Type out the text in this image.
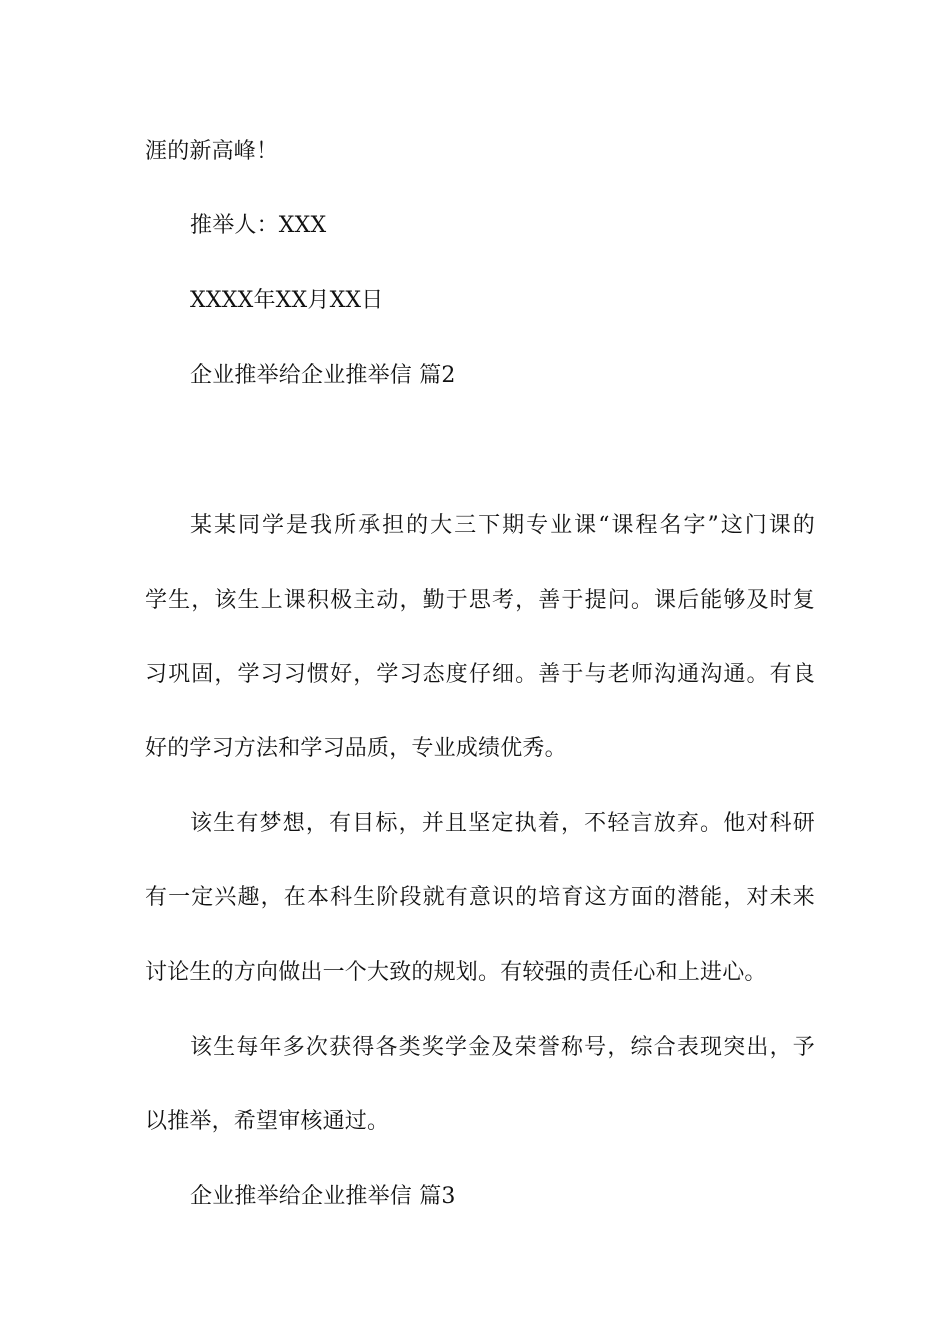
涯的新高峰！
推举人：XXX
XXXX年XX月XX日
企业推举给企业推举信 篇2
某某同学是我所承担的大三下期专业课“课程名字”这门课的
学生，该生上课积极主动，勤于思考，善于提问。课后能够及时复
习巩固，学习习惯好，学习态度仔细。善于与老师沟通沟通。有良
好的学习方法和学习品质，专业成绩优秀。
该生有梦想，有目标，并且坚定执着，不轻言放弃。他对科研
有一定兴趣，在本科生阶段就有意识的培育这方面的潜能，对未来
讨论生的方向做出一个大致的规划。有较强的责任心和上进心。
该生每年多次获得各类奖学金及荣誉称号，综合表现突出，予
以推举，希望审核通过。
企业推举给企业推举信 篇3
